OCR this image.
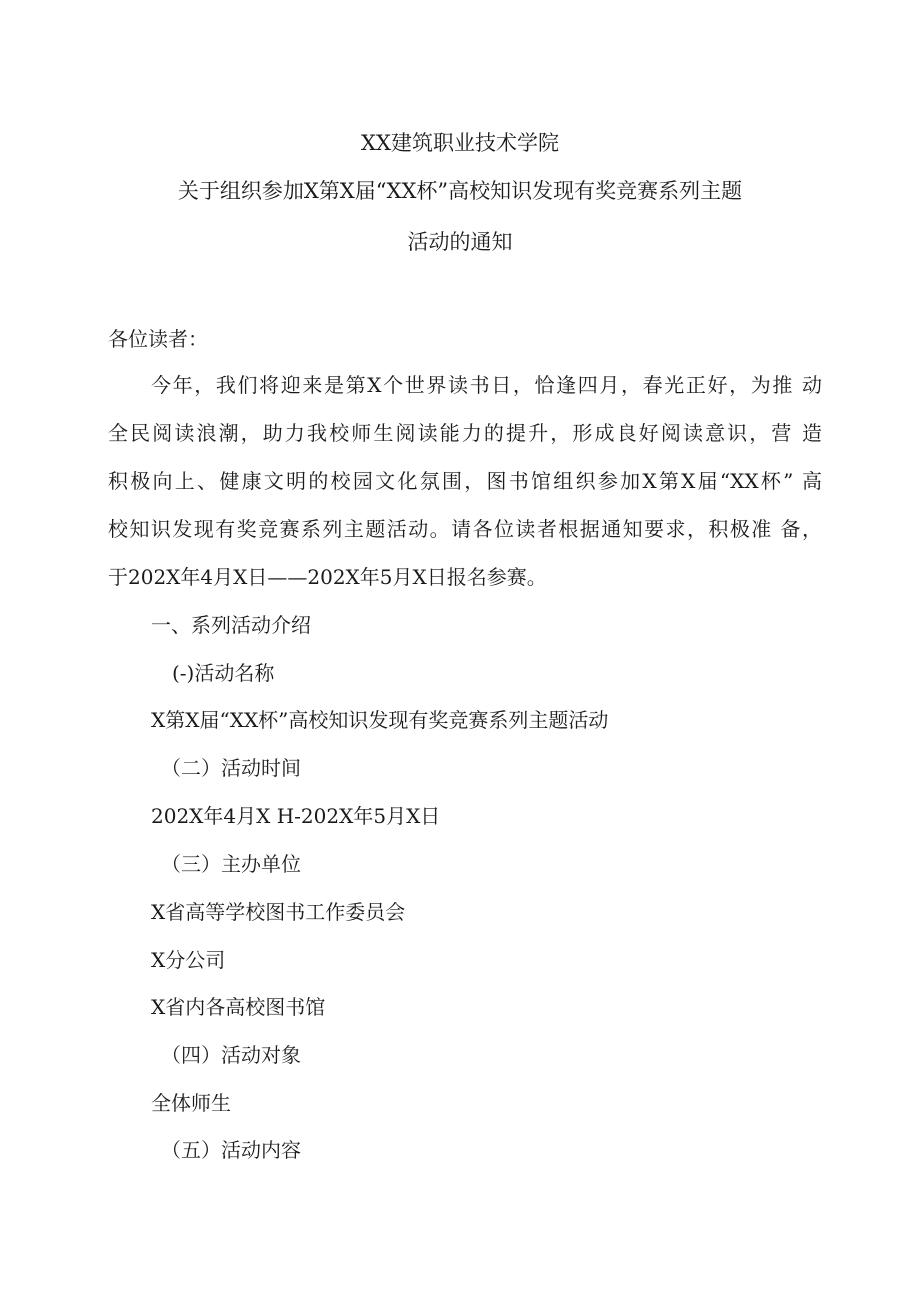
XX建筑职业技术学院
关于组织参加X第X届“XX杯”高校知识发现有奖竞赛系列主题
活动的通知
各位读者：
今年，我们将迎来是第X个世界读书日，恰逢四月，春光正好，为推 动
全民阅读浪潮，助力我校师生阅读能力的提升，形成良好阅读意识，营 造
积极向上、健康文明的校园文化氛围，图书馆组织参加X第X届“XX杯” 高
校知识发现有奖竞赛系列主题活动。请各位读者根据通知要求，积极准 备，
于202X年4月X日——202X年5月X日报名参赛。
一、系列活动介绍
(-)活动名称
X第X届“XX杯”高校知识发现有奖竞赛系列主题活动
（二）活动时间
202X年4月X H-202X年5月X日
（三）主办单位
X省高等学校图书工作委员会
X分公司
X省内各高校图书馆
（四）活动对象
全体师生
（五）活动内容
